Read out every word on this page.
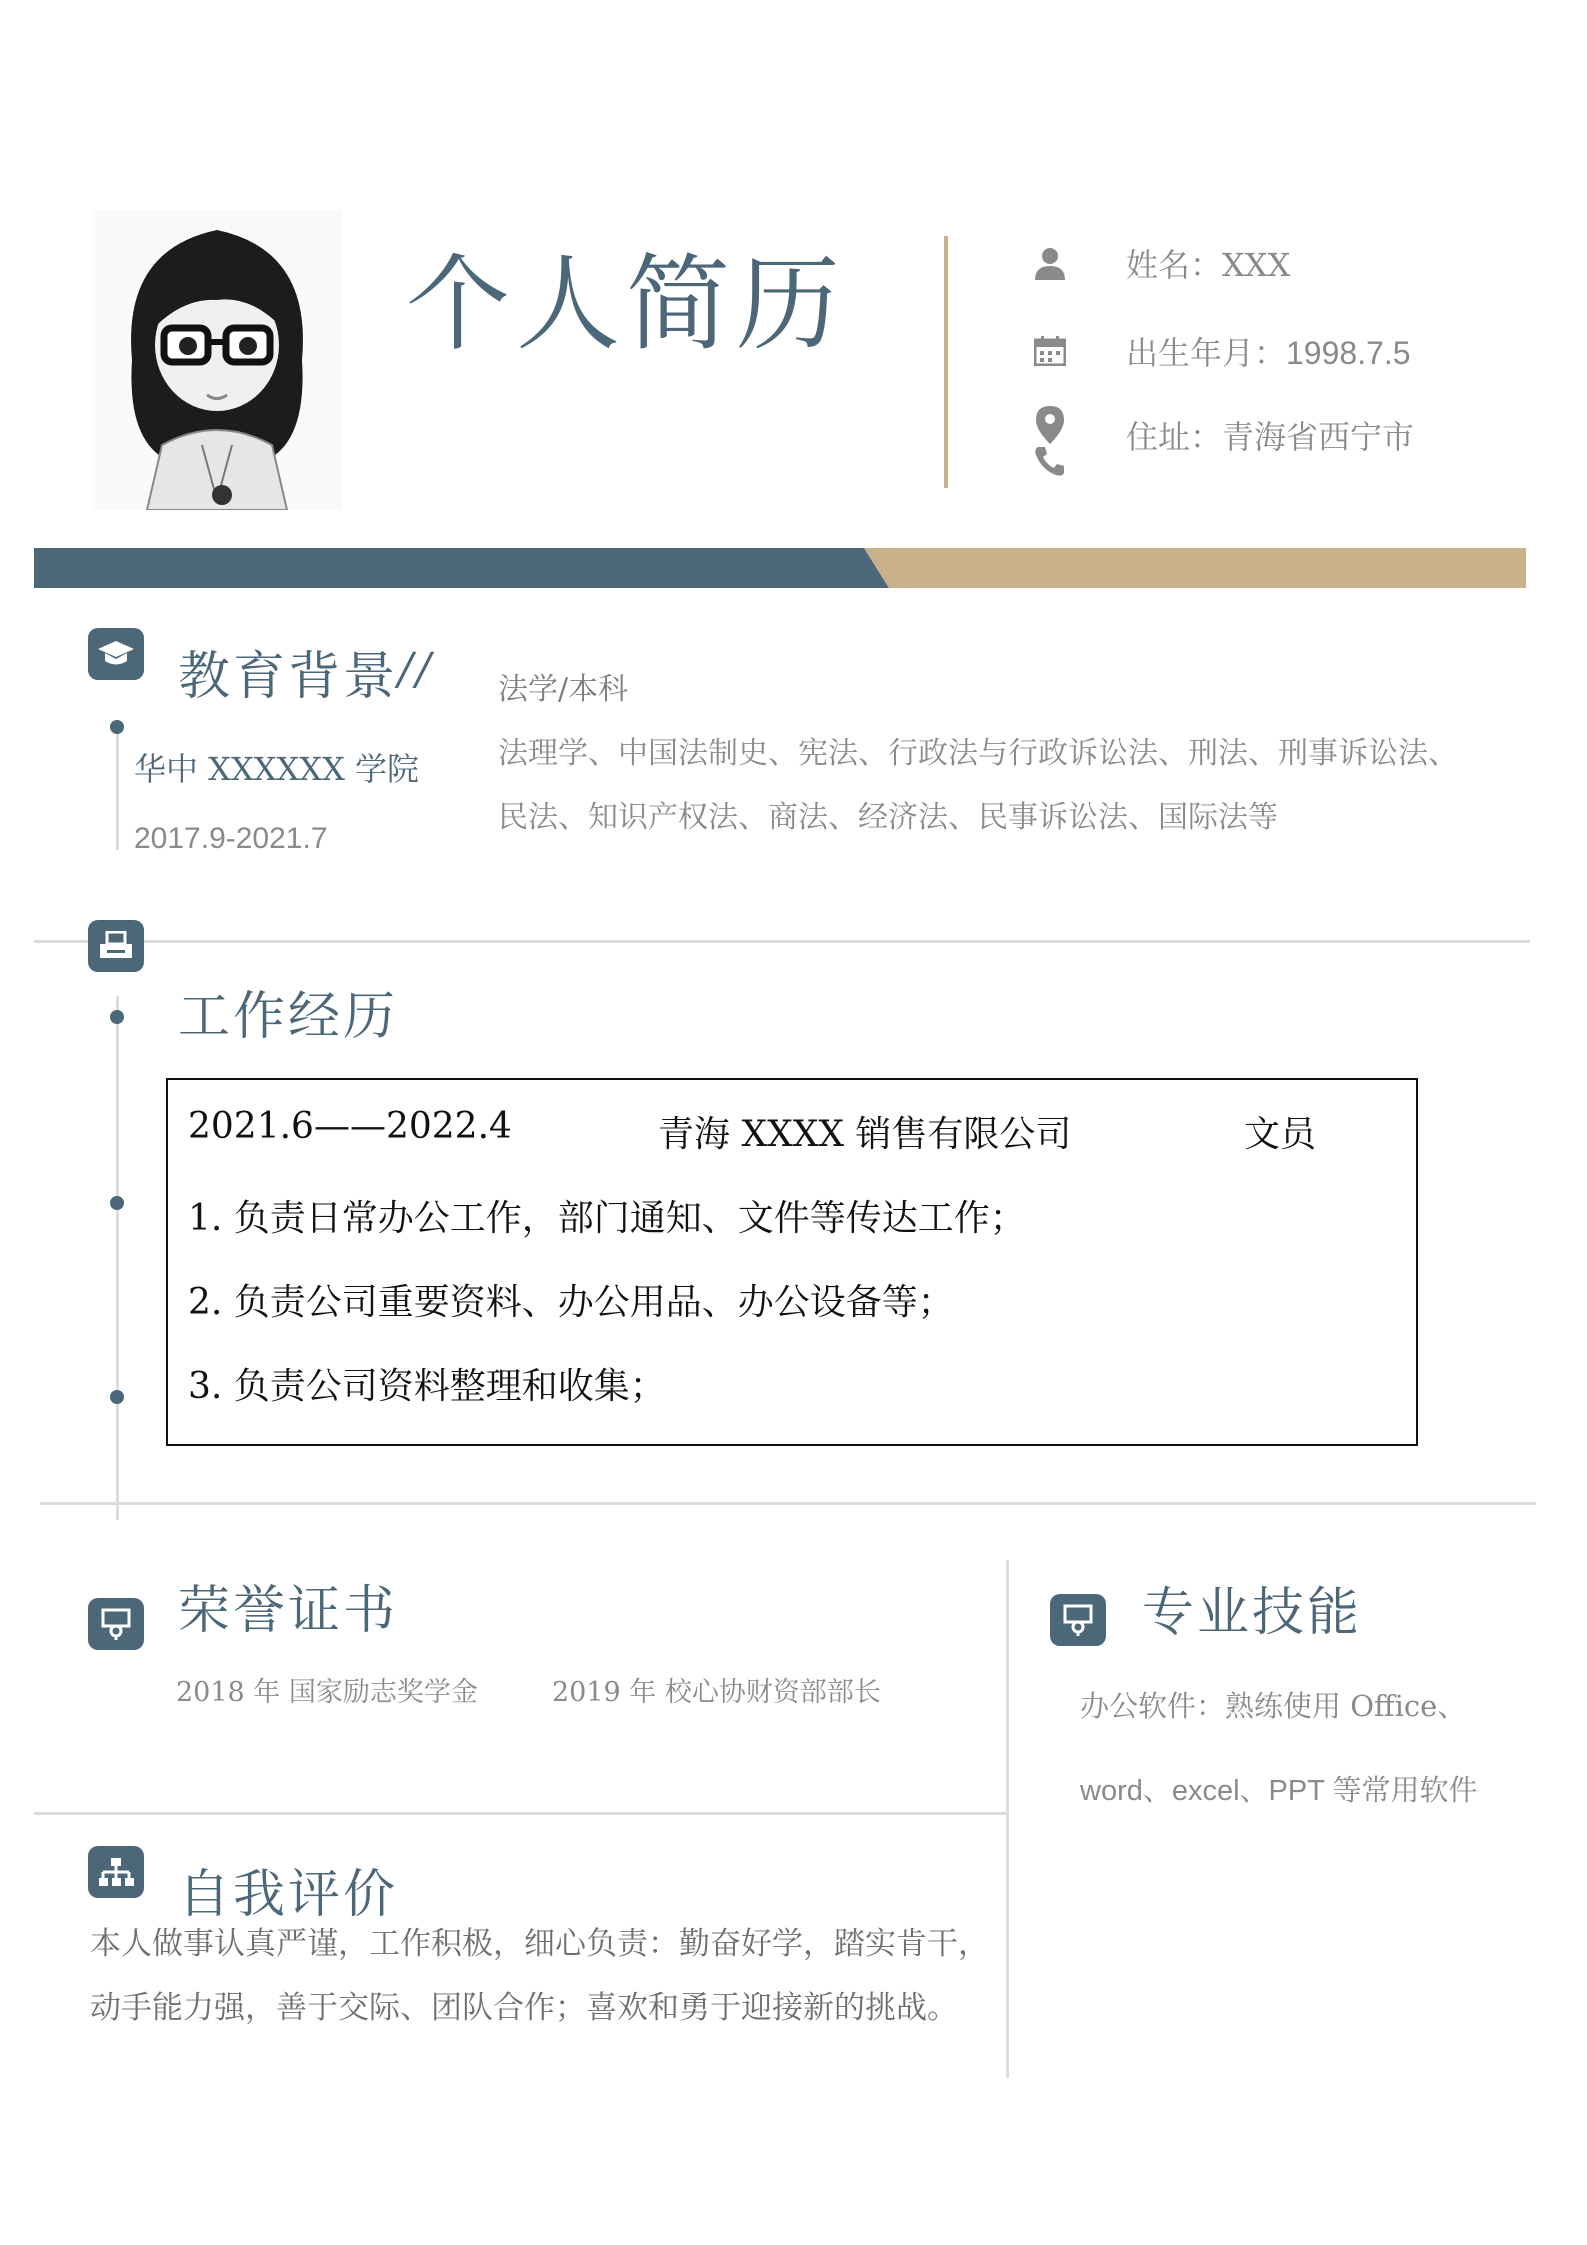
个人简历	姓名：XXX
出生年月：1998.7.5
住址：青海省西宁市
教育背景//
华中 XXXXXX 学院
2017.9-2021.7
法学/本科
法理学、中国法制史、宪法、行政法与行政诉讼法、刑法、刑事诉讼法、
民法、知识产权法、商法、经济法、民事诉讼法、国际法等
工作经历
2021.6——2022.4	青海 XXXX 销售有限公司	文员
1. 负责日常办公工作，部门通知、文件等传达工作；
2. 负责公司重要资料、办公用品、办公设备等；
3. 负责公司资料整理和收集；
荣誉证书
2018 年 国家励志奖学金	2019 年 校心协财资部部长
专业技能
办公软件：熟练使用 Office、
word、excel、PPT 等常用软件
自我评价
本人做事认真严谨，工作积极，细心负责：勤奋好学，踏实肯干，
动手能力强，善于交际、团队合作；喜欢和勇于迎接新的挑战。
